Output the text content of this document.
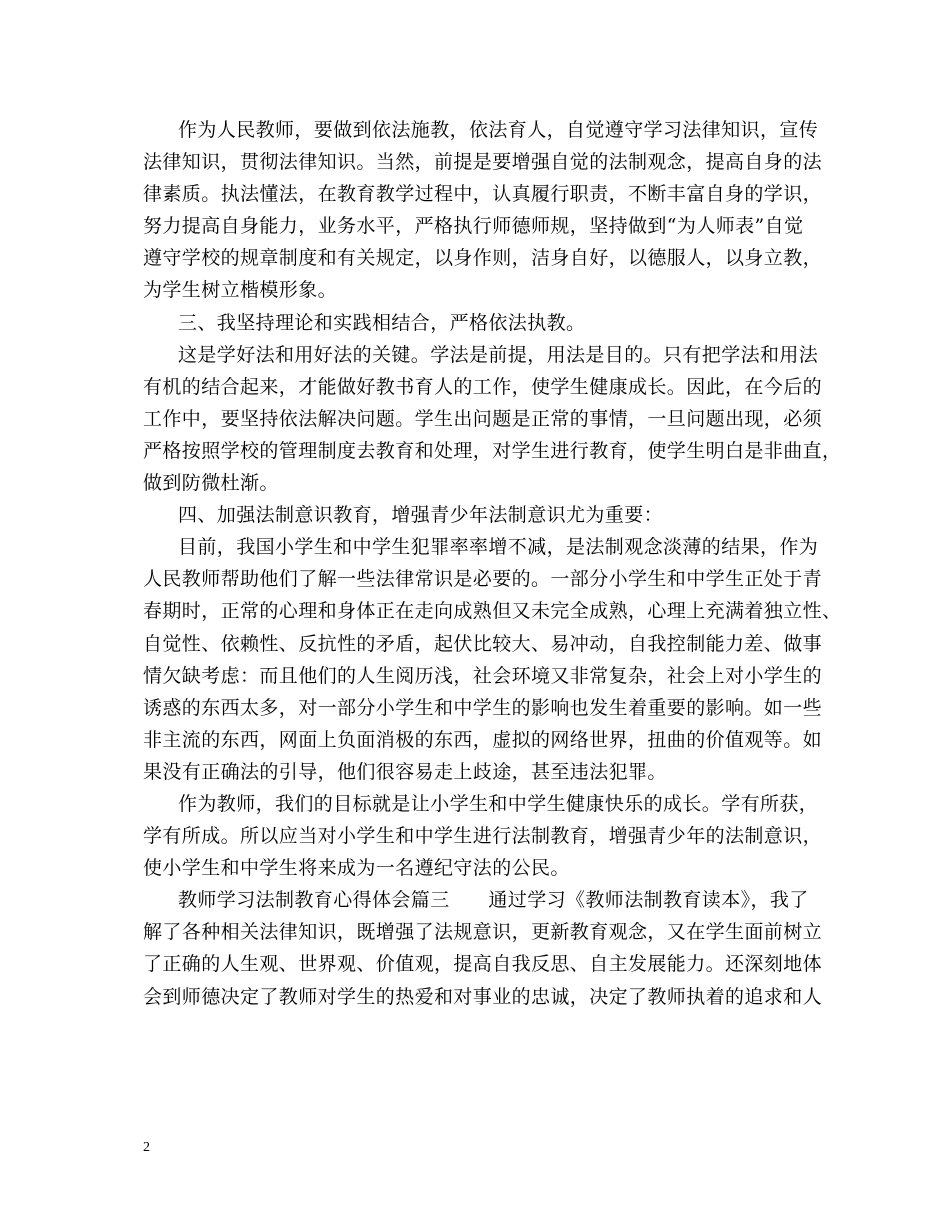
作为人民教师，要做到依法施教，依法育人，自觉遵守学习法律知识，宣传
法律知识，贯彻法律知识。当然，前提是要增强自觉的法制观念，提高自身的法
律素质。执法懂法，在教育教学过程中，认真履行职责，不断丰富自身的学识，
努力提高自身能力，业务水平，严格执行师德师规，坚持做到“为人师表”自觉
遵守学校的规章制度和有关规定，以身作则，洁身自好，以德服人，以身立教，
为学生树立楷模形象。
三、我坚持理论和实践相结合，严格依法执教。
这是学好法和用好法的关键。学法是前提，用法是目的。只有把学法和用法
有机的结合起来，才能做好教书育人的工作，使学生健康成长。因此，在今后的
工作中，要坚持依法解决问题。学生出问题是正常的事情，一旦问题出现，必须
严格按照学校的管理制度去教育和处理，对学生进行教育，使学生明白是非曲直，
做到防微杜渐。
四、加强法制意识教育，增强青少年法制意识尤为重要：
目前，我国小学生和中学生犯罪率率增不减，是法制观念淡薄的结果，作为
人民教师帮助他们了解一些法律常识是必要的。一部分小学生和中学生正处于青
春期时，正常的心理和身体正在走向成熟但又未完全成熟，心理上充满着独立性、
自觉性、依赖性、反抗性的矛盾，起伏比较大、易冲动，自我控制能力差、做事
情欠缺考虑：而且他们的人生阅历浅，社会环境又非常复杂，社会上对小学生的
诱惑的东西太多，对一部分小学生和中学生的影响也发生着重要的影响。如一些
非主流的东西，网面上负面消极的东西，虚拟的网络世界，扭曲的价值观等。如
果没有正确法的引导，他们很容易走上歧途，甚至违法犯罪。
作为教师，我们的目标就是让小学生和中学生健康快乐的成长。学有所获，
学有所成。所以应当对小学生和中学生进行法制教育，增强青少年的法制意识，
使小学生和中学生将来成为一名遵纪守法的公民。
教师学习法制教育心得体会篇三　　通过学习《教师法制教育读本》，我了
解了各种相关法律知识，既增强了法规意识，更新教育观念，又在学生面前树立
了正确的人生观、世界观、价值观，提高自我反思、自主发展能力。还深刻地体
会到师德决定了教师对学生的热爱和对事业的忠诚，决定了教师执着的追求和人
2
